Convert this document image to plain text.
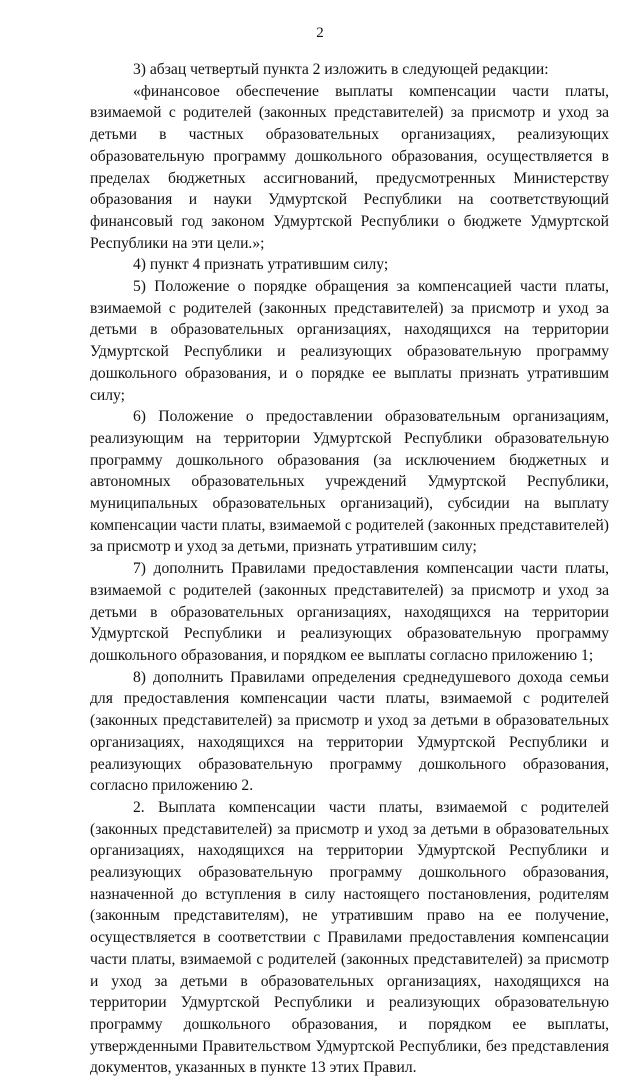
2

3) абзац четвертый пункта 2 изложить в следующей редакции:

«финансовое обеспечение выплаты компенсации части платы, взимаемой с родителей (законных представителей) за присмотр и уход за детьми в частных образовательных организациях, реализующих образовательную программу дошкольного образования, осуществляется в пределах бюджетных ассигнований, предусмотренных Министерству образования и науки Удмуртской Республики на соответствующий финансовый год законом Удмуртской Республики о бюджете Удмуртской Республики на эти цели.»;

4) пункт 4 признать утратившим силу;

5) Положение о порядке обращения за компенсацией части платы, взимаемой с родителей (законных представителей) за присмотр и уход за детьми в образовательных организациях, находящихся на территории Удмуртской Республики и реализующих образовательную программу дошкольного образования, и о порядке ее выплаты признать утратившим силу;

6) Положение о предоставлении образовательным организациям, реализующим на территории Удмуртской Республики образовательную программу дошкольного образования (за исключением бюджетных и автономных образовательных учреждений Удмуртской Республики, муниципальных образовательных организаций), субсидии на выплату компенсации части платы, взимаемой с родителей (законных представителей) за присмотр и уход за детьми, признать утратившим силу;

7) дополнить Правилами предоставления компенсации части платы, взимаемой с родителей (законных представителей) за присмотр и уход за детьми в образовательных организациях, находящихся на территории Удмуртской Республики и реализующих образовательную программу дошкольного образования, и порядком ее выплаты согласно приложению 1;

8) дополнить Правилами определения среднедушевого дохода семьи для предоставления компенсации части платы, взимаемой с родителей (законных представителей) за присмотр и уход за детьми в образовательных организациях, находящихся на территории Удмуртской Республики и реализующих образовательную программу дошкольного образования, согласно приложению 2.

2. Выплата компенсации части платы, взимаемой с родителей (законных представителей) за присмотр и уход за детьми в образовательных организациях, находящихся на территории Удмуртской Республики и реализующих образовательную программу дошкольного образования, назначенной до вступления в силу настоящего постановления, родителям (законным представителям), не утратившим право на ее получение, осуществляется в соответствии с Правилами предоставления компенсации части платы, взимаемой с родителей (законных представителей) за присмотр и уход за детьми в образовательных организациях, находящихся на территории Удмуртской Республики и реализующих образовательную программу дошкольного образования, и порядком ее выплаты, утвержденными Правительством Удмуртской Республики, без представления документов, указанных в пункте 13 этих Правил.
